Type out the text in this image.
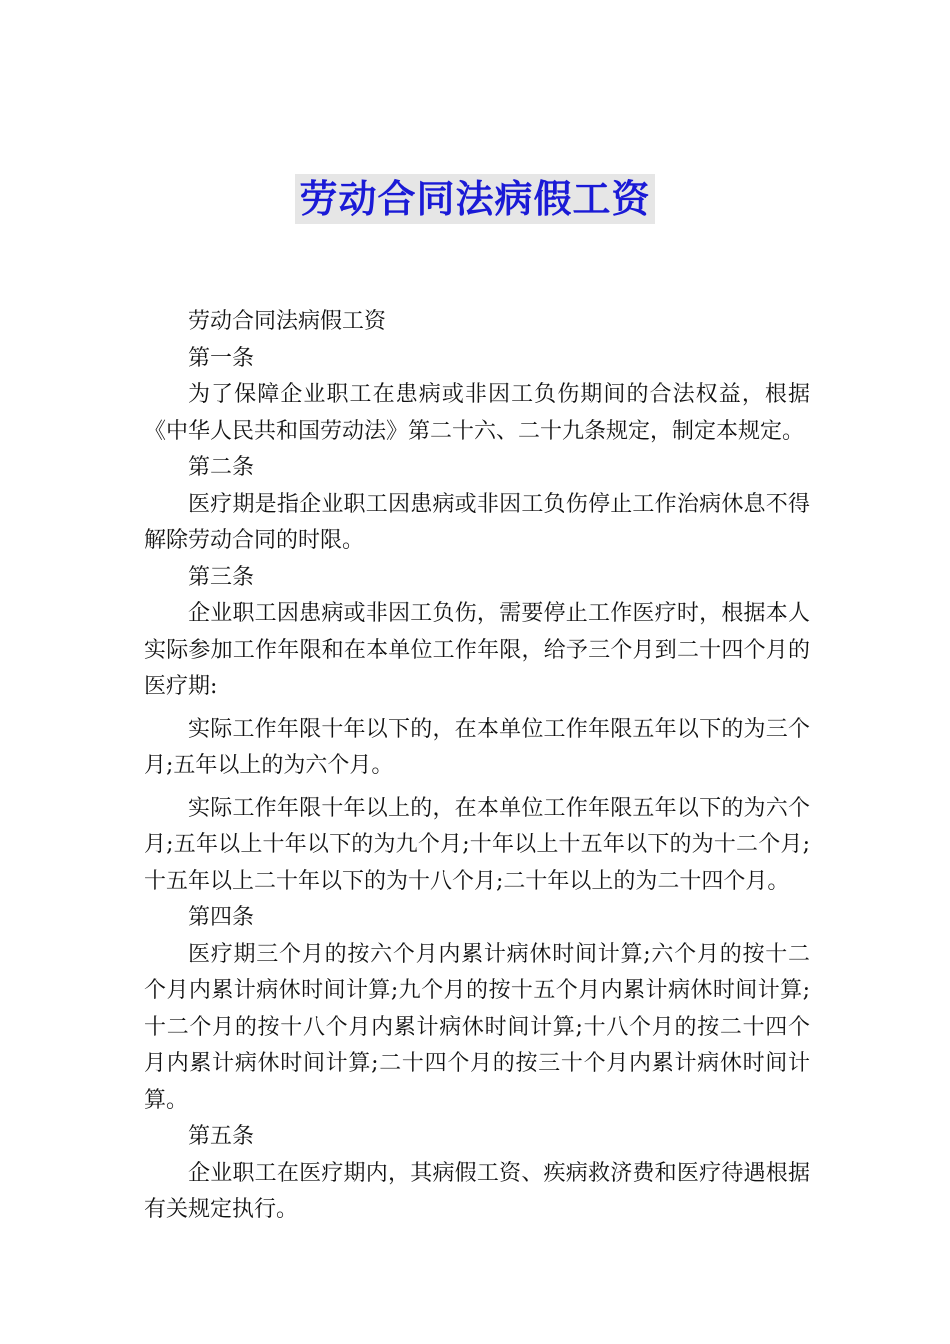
劳动合同法病假工资

劳动合同法病假工资

第一条

为了保障企业职工在患病或非因工负伤期间的合法权益，根据《中华人民共和国劳动法》第二十六、二十九条规定，制定本规定。

第二条

医疗期是指企业职工因患病或非因工负伤停止工作治病休息不得解除劳动合同的时限。

第三条

企业职工因患病或非因工负伤，需要停止工作医疗时，根据本人实际参加工作年限和在本单位工作年限，给予三个月到二十四个月的医疗期:

实际工作年限十年以下的，在本单位工作年限五年以下的为三个月;五年以上的为六个月。

实际工作年限十年以上的，在本单位工作年限五年以下的为六个月;五年以上十年以下的为九个月;十年以上十五年以下的为十二个月;十五年以上二十年以下的为十八个月;二十年以上的为二十四个月。

第四条

医疗期三个月的按六个月内累计病休时间计算;六个月的按十二个月内累计病休时间计算;九个月的按十五个月内累计病休时间计算;十二个月的按十八个月内累计病休时间计算;十八个月的按二十四个月内累计病休时间计算;二十四个月的按三十个月内累计病休时间计算。

第五条

企业职工在医疗期内，其病假工资、疾病救济费和医疗待遇根据有关规定执行。
